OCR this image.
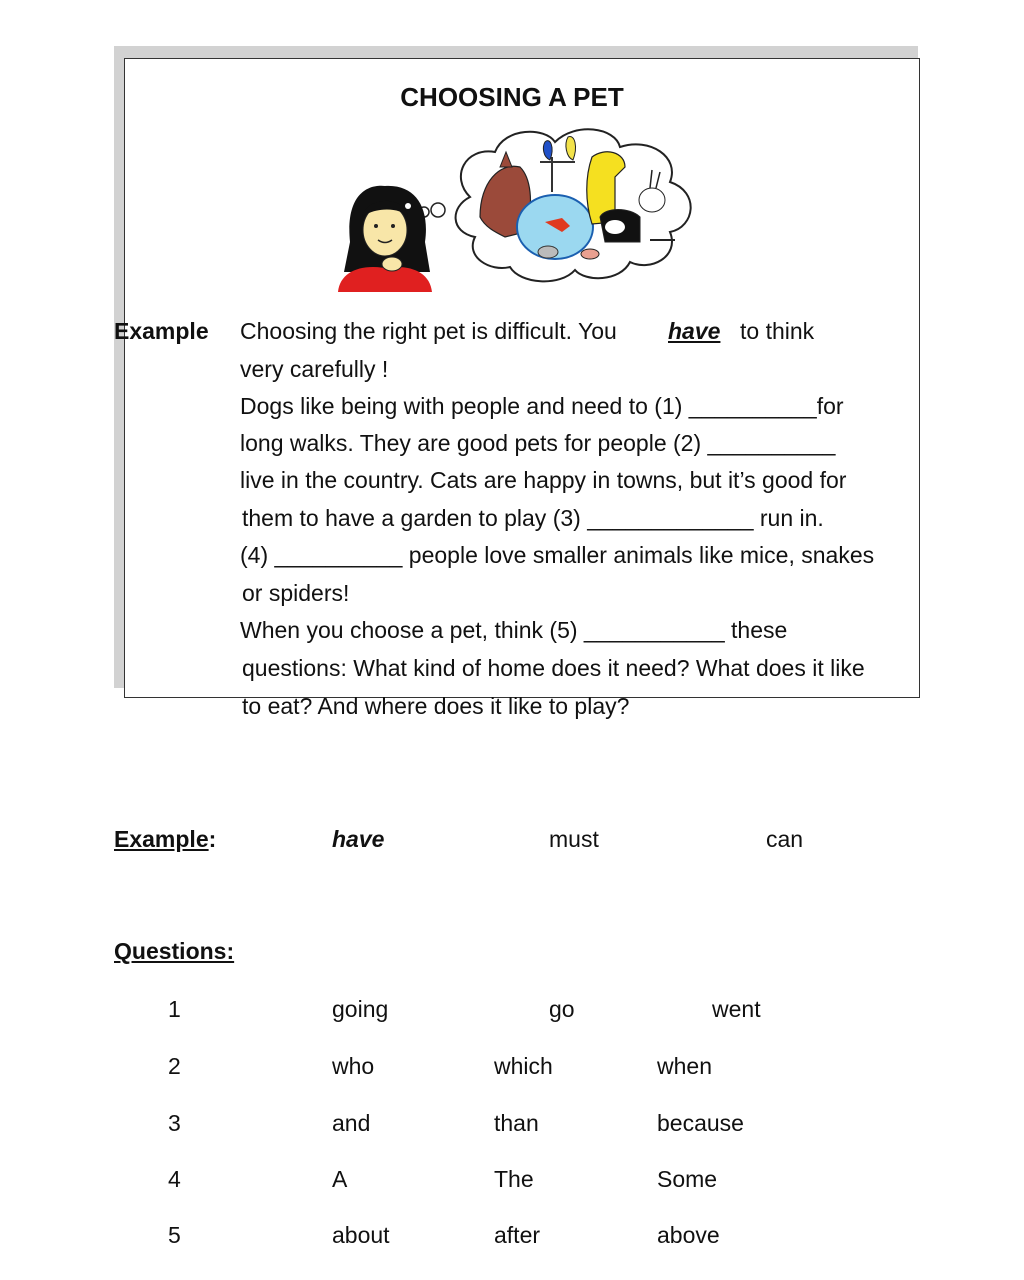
CHOOSING A PET
Example Choosing the right pet is difficult. You have to think
very carefully !
Dogs like being with people and need to (1) __________for
long walks. They are good pets for people (2) __________
live in the country. Cats are happy in towns, but it’s good for
them to have a garden to play (3) _____________ run in.
(4) __________ people love smaller animals like mice, snakes
or spiders!
When you choose a pet, think (5) ___________ these
questions: What kind of home does it need? What does it like
to eat? And where does it like to play?
Example:	have	must	can
Questions:
1	going	go	went
2	who	which	when
3	and	than	because
4	A	The	Some
5	about	after	above
